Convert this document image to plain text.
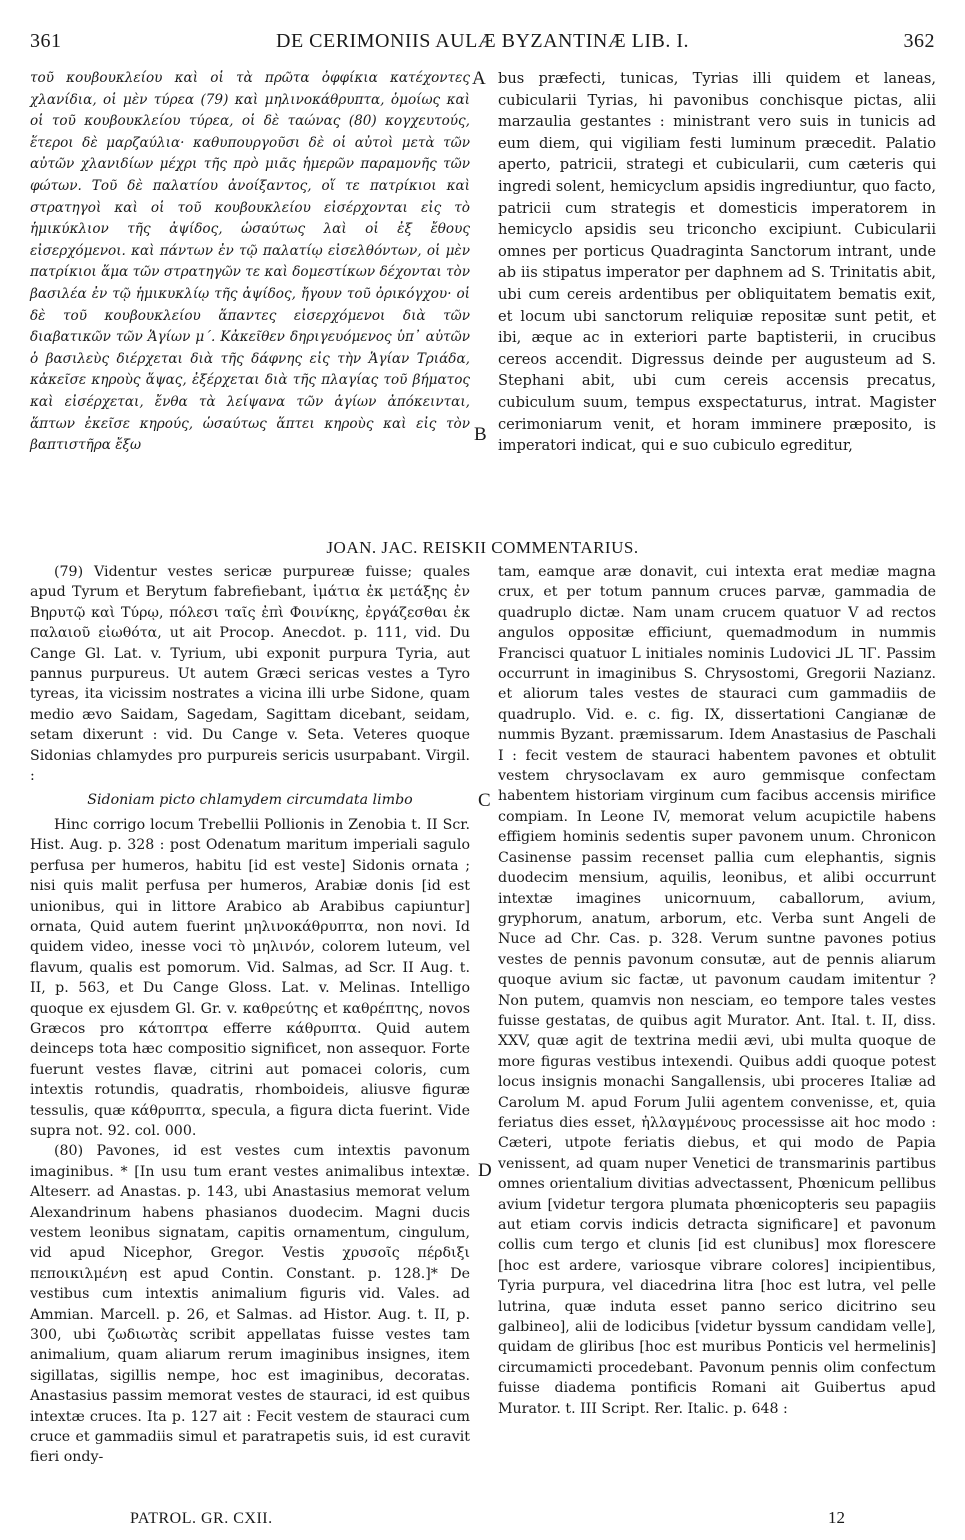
361	DE CERIMONIIS AULÆ BYZANTINÆ LIB. I.	362

τοῦ κουβουκλείου καὶ οἱ τὰ πρῶτα ὀφφίκια κατέχοντες χλανίδια, οἱ μὲν τύρεα (79) καὶ μηλινοκάθρυπτα, ὁμοίως καὶ οἱ τοῦ κουβουκλείου τύρεα, οἱ δὲ ταώνας (80) κογχευτούς, ἕτεροι δὲ μαρζαύλια· καθυπουργοῦσι δὲ οἱ αὐτοὶ μετὰ τῶν αὐτῶν χλανιδίων μέχρι τῆς πρὸ μιᾶς ἡμερῶν παραμονῆς τῶν φώτων. Τοῦ δὲ παλατίου ἀνοίξαντος, οἵ τε πατρίκιοι καὶ στρατηγοὶ καὶ οἱ τοῦ κουβουκλείου εἰσέρχονται εἰς τὸ ἡμικύκλιον τῆς ἀψίδος, ὡσαύτως λαὶ οἱ ἐξ ἔθους εἰσερχόμενοι. καὶ πάντων ἐν τῷ παλατίῳ εἰσελθόντων, οἱ μὲν πατρίκιοι ἅμα τῶν στρατηγῶν τε καὶ δομεστίκων δέχονται τὸν βασιλέα ἐν τῷ ἡμικυκλίῳ τῆς ἀψίδος, ἤγουν τοῦ ὀρικόγχου· οἱ δὲ τοῦ κουβουκλείου ἅπαντες εἰσερχόμενοι διὰ τῶν διαβατικῶν τῶν Ἁγίων μ΄. Κἀκεῖθεν δηριγευόμενος ὑπ᾽ αὐτῶν ὁ βασιλεὺς διέρχεται διὰ τῆς δάφνης εἰς τὴν Ἁγίαν Τριάδα, κἀκεῖσε κηροὺς ἅψας, ἐξέρχεται διὰ τῆς πλαγίας τοῦ βήματος καὶ εἰσέρχεται, ἔνθα τὰ λείψανα τῶν ἁγίων ἀπόκεινται, ἅπτων ἐκεῖσε κηρούς, ὡσαύτως ἅπτει κηροὺς καὶ εἰς τὸν βαπτιστῆρα ἔξω

bus præfecti, tunicas, Tyrias illi quidem et laneas, cubicularii Tyrias, hi pavonibus conchisque pictas, alii marzaulia gestantes : ministrant vero suis in tunicis ad eum diem, qui vigiliam festi luminum præcedit. Palatio aperto, patricii, strategi et cubicularii, cum cæteris qui ingredi solent, hemicyclum apsidis ingrediuntur, quo facto, patricii cum strategis et domesticis imperatorem in hemicyclo apsidis seu triconcho excipiunt. Cubicularii omnes per porticus Quadraginta Sanctorum intrant, unde ab iis stipatus imperator per daphnem ad S. Trinitatis abit, ubi cum cereis ardentibus per obliquitatem bematis exit, et locum ubi sanctorum reliquiæ repositæ sunt petit, et ibi, æque ac in exteriori parte baptisterii, in crucibus cereos accendit. Digressus deinde per augusteum ad S. Stephani abit, ubi cum cereis accensis precatus, cubiculum suum, tempus exspectaturus, intrat. Magister cerimoniarum venit, et horam imminere præposito, is imperatori indicat, qui e suo cubiculo egreditur,

A
B
JOAN. JAC. REISKII COMMENTARIUS.

(79) Videntur vestes sericæ purpureæ fuisse; quales apud Tyrum et Berytum fabrefiebant, ἱμάτια ἐκ μετάξης ἐν Βηρυτῷ καὶ Τύρῳ, πόλεσι ταῖς ἐπὶ Φοινίκης, ἐργάζεσθαι ἐκ παλαιοῦ εἰωθότα, ut ait Procop. Anecdot. p. 111, vid. Du Cange Gl. Lat. v. Tyrium, ubi exponit purpura Tyria, aut pannus purpureus. Ut autem Græci sericas vestes a Tyro tyreas, ita vicissim nostrates a vicina illi urbe Sidone, quam medio ævo Saidam, Sagedam, Sagittam dicebant, seidam, setam dixerunt : vid. Du Cange v. Seta. Veteres quoque Sidonias chlamydes pro purpureis sericis usurpabant. Virgil. :

Sidoniam picto chlamydem circumdata limbo

Hinc corrigo locum Trebellii Pollionis in Zenobia t. II Scr. Hist. Aug. p. 328 : post Odenatum maritum imperiali sagulo perfusa per humeros, habitu [id est veste] Sidonis ornata ; nisi quis malit perfusa per humeros, Arabiæ donis [id est unionibus, qui in littore Arabico ab Arabibus capiuntur] ornata, Quid autem fuerint μηλινοκάθρυπτα, non novi. Id quidem video, inesse voci τὸ μηλινόν, colorem luteum, vel flavum, qualis est pomorum. Vid. Salmas, ad Scr. II Aug. t. II, p. 563, et Du Cange Gloss. Lat. v. Melinas. Intelligo quoque ex ejusdem Gl. Gr. v. καθρεύτης et καθρέπτης, novos Græcos pro κάτοπτρα efferre κάθρυπτα. Quid autem deinceps tota hæc compositio significet, non assequor. Forte fuerunt vestes flavæ, citrini aut pomacei coloris, cum intextis rotundis, quadratis, rhomboideis, aliusve figuræ tessulis, quæ κάθρυπτα, specula, a figura dicta fuerint. Vide supra not. 92. col. 000.

(80) Pavones, id est vestes cum intextis pavonum imaginibus. * [In usu tum erant vestes animalibus intextæ. Alteserr. ad Anastas. p. 143, ubi Anastasius memorat velum Alexandrinum habens phasianos duodecim. Magni ducis vestem leonibus signatam, capitis ornamentum, cingulum, vid apud Nicephor, Gregor. Vestis χρυσοῖς πέρδιξι πεποικιλμένη est apud Contin. Constant. p. 128.]* De vestibus cum intextis animalium figuris vid. Vales. ad Ammian. Marcell. p. 26, et Salmas. ad Histor. Aug. t. II, p. 300, ubi ζωδιωτὰς scribit appellatas fuisse vestes tam animalium, quam aliarum rerum imaginibus insignes, item sigillatas, sigillis nempe, hoc est imaginibus, decoratas. Anastasius passim memorat vestes de stauraci, id est quibus intextæ cruces. Ita p. 127 ait : Fecit vestem de stauraci cum cruce et gammadiis simul et paratrapetis suis, id est curavit fieri ondy-

tam, eamque aræ donavit, cui intexta erat mediæ magna crux, et per totum pannum cruces parvæ, gammadia de quadruplo dictæ. Nam unam crucem quatuor V ad rectos angulos oppositæ efficiunt, quemadmodum in nummis Francisci quatuor L initiales nominis Ludovici ⅃L ᒣΓ. Passim occurrunt in imaginibus S. Chrysostomi, Gregorii Nazianz. et aliorum tales vestes de stauraci cum gammadiis de quadruplo. Vid. e. c. fig. IX, dissertationi Cangianæ de nummis Byzant. præmissarum. Idem Anastasius de Paschali I : fecit vestem de stauraci habentem pavones et obtulit vestem chrysoclavam ex auro gemmisque confectam habentem historiam virginum cum facibus accensis mirifice compiam. In Leone IV, memorat velum acupictile habens effigiem hominis sedentis super pavonem unum. Chronicon Casinense passim recenset pallia cum elephantis, signis duodecim mensium, aquilis, leonibus, et alibi occurrunt intextæ imagines unicornuum, caballorum, avium, gryphorum, anatum, arborum, etc. Verba sunt Angeli de Nuce ad Chr. Cas. p. 328. Verum suntne pavones potius vestes de pennis pavonum consutæ, aut de pennis aliarum quoque avium sic factæ, ut pavonum caudam imitentur ? Non putem, quamvis non nesciam, eo tempore tales vestes fuisse gestatas, de quibus agit Murator. Ant. Ital. t. II, diss. XXV, quæ agit de textrina medii ævi, ubi multa quoque de more figuras vestibus intexendi. Quibus addi quoque potest locus insignis monachi Sangallensis, ubi proceres Italiæ ad Carolum M. apud Forum Julii agentem convenisse, et, quia feriatus dies esset, ἠλλαγμένους processisse ait hoc modo : Cæteri, utpote feriatis diebus, et qui modo de Papia venissent, ad quam nuper Venetici de transmarinis partibus omnes orientalium divitias advectassent, Phœnicum pellibus avium [videtur tergora plumata phœnicopteris seu papagiis aut etiam corvis indicis detracta significare] et pavonum collis cum tergo et clunis [id est clunibus] mox florescere [hoc est ardere, variosque vibrare colores] incipientibus, Tyria purpura, vel diacedrina litra [hoc est lutra, vel pelle lutrina, quæ induta esset panno serico dicitrino seu galbineo], alii de lodicibus [videtur byssum candidam velle], quidam de gliribus [hoc est muribus Ponticis vel hermelinis] circumamicti procedebant. Pavonum pennis olim confectum fuisse diadema pontificis Romani ait Guibertus apud Murator. t. III Script. Rer. Italic. p. 648 :

C
D
PATROL. GR. CXII.	12
